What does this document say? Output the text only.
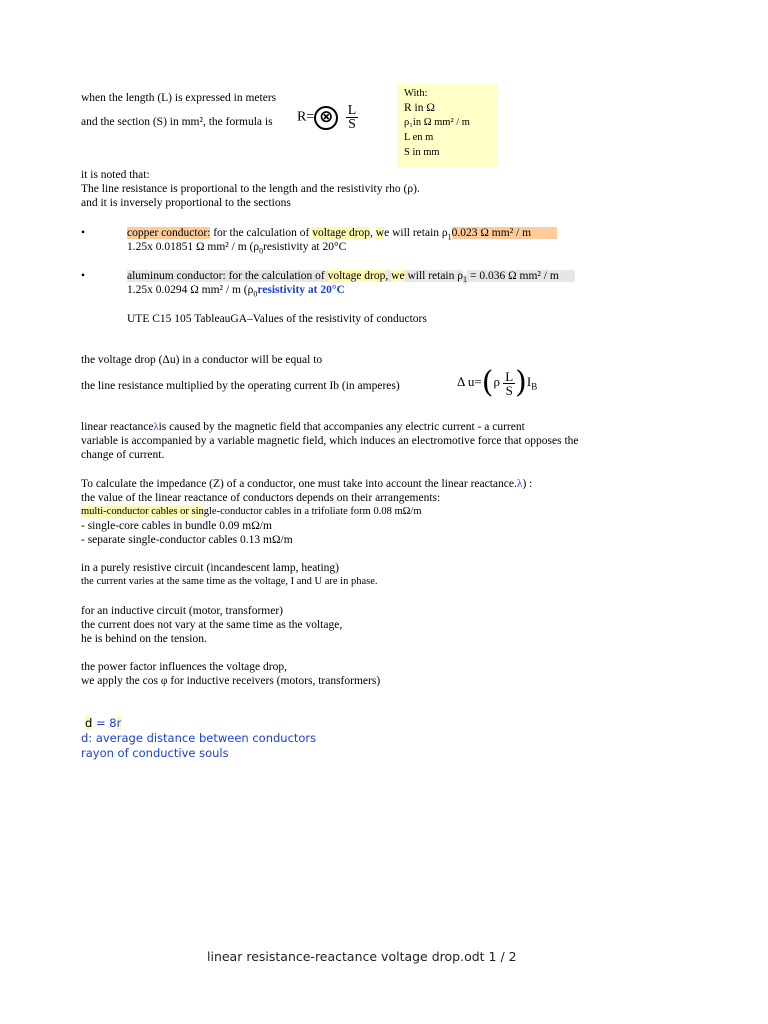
when the length (L) is expressed in meters
and the section (S) in mm², the formula is R= ⊗ $\frac{L}{S}$
With:
R in Ω
ρ₁in Ω mm² / m
L en m
S in mm
it is noted that:
The line resistance is proportional to the length and the resistivity rho (ρ).
and it is inversely proportional to the sections
•	copper conductor: for the calculation of voltage drop, we will retain $\rho_10.023$ Ω mm² / m
1.25x 0.01851 Ω mm² / m ($\rho_0resistivity$ at 20°C
•	aluminum conductor: for the calculation of voltage drop, we will retain $\rho_1 = 0.036$ Ω mm² / m
1.25x 0.0294 Ω mm² / m ($\rho_0resistivity$ at 20°C
UTE C15 105 TableauGA–Values of the resistivity of conductors
the voltage drop (Δu) in a conductor will be equal to
the line resistance multiplied by the operating current Ib (in amperes)	Δ $u=(\rho \frac{L}{S} )I_B$
linear reactanceλis caused by the magnetic field that accompanies any electric current - a current
variable is accompanied by a variable magnetic field, which induces an electromotive force that opposes the
change of current.
To calculate the impedance (Z) of a conductor, one must take into account the linear reactance.λ) :
the value of the linear reactance of conductors depends on their arrangements:
multi-conductor cables or single-conductor cables in a trifoliate form 0.08 mΩ/m
- single-core cables in bundle 0.09 mΩ/m
- separate single-conductor cables 0.13 mΩ/m
in a purely resistive circuit (incandescent lamp, heating)
the current varies at the same time as the voltage, I and U are in phase.
for an inductive circuit (motor, transformer)
the current does not vary at the same time as the voltage,
he is behind on the tension.
the power factor influences the voltage drop,
we apply the cos φ for inductive receivers (motors, transformers)
d = 8r
d: average distance between conductors
rayon of conductive souls
linear resistance-reactance voltage drop.odt 1 / 2
